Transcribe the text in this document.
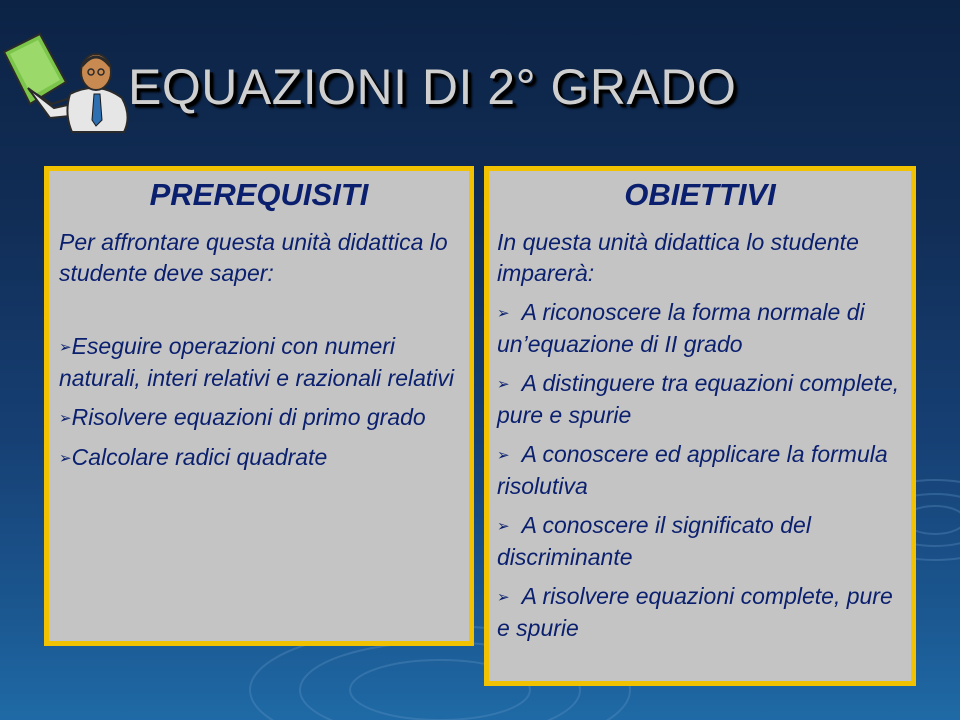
EQUAZIONI DI 2° GRADO
PREREQUISITI
Per affrontare questa unità didattica lo studente deve saper:
➢Eseguire operazioni con numeri naturali, interi relativi e razionali relativi
➢Risolvere equazioni di primo grado
➢Calcolare radici quadrate
OBIETTIVI
In questa unità didattica lo studente imparerà:
➢ A riconoscere la forma normale di un’equazione di II grado
➢ A distinguere tra equazioni complete, pure e spurie
➢ A conoscere ed applicare la formula risolutiva
➢ A conoscere il significato del discriminante
➢ A risolvere equazioni complete, pure e spurie
